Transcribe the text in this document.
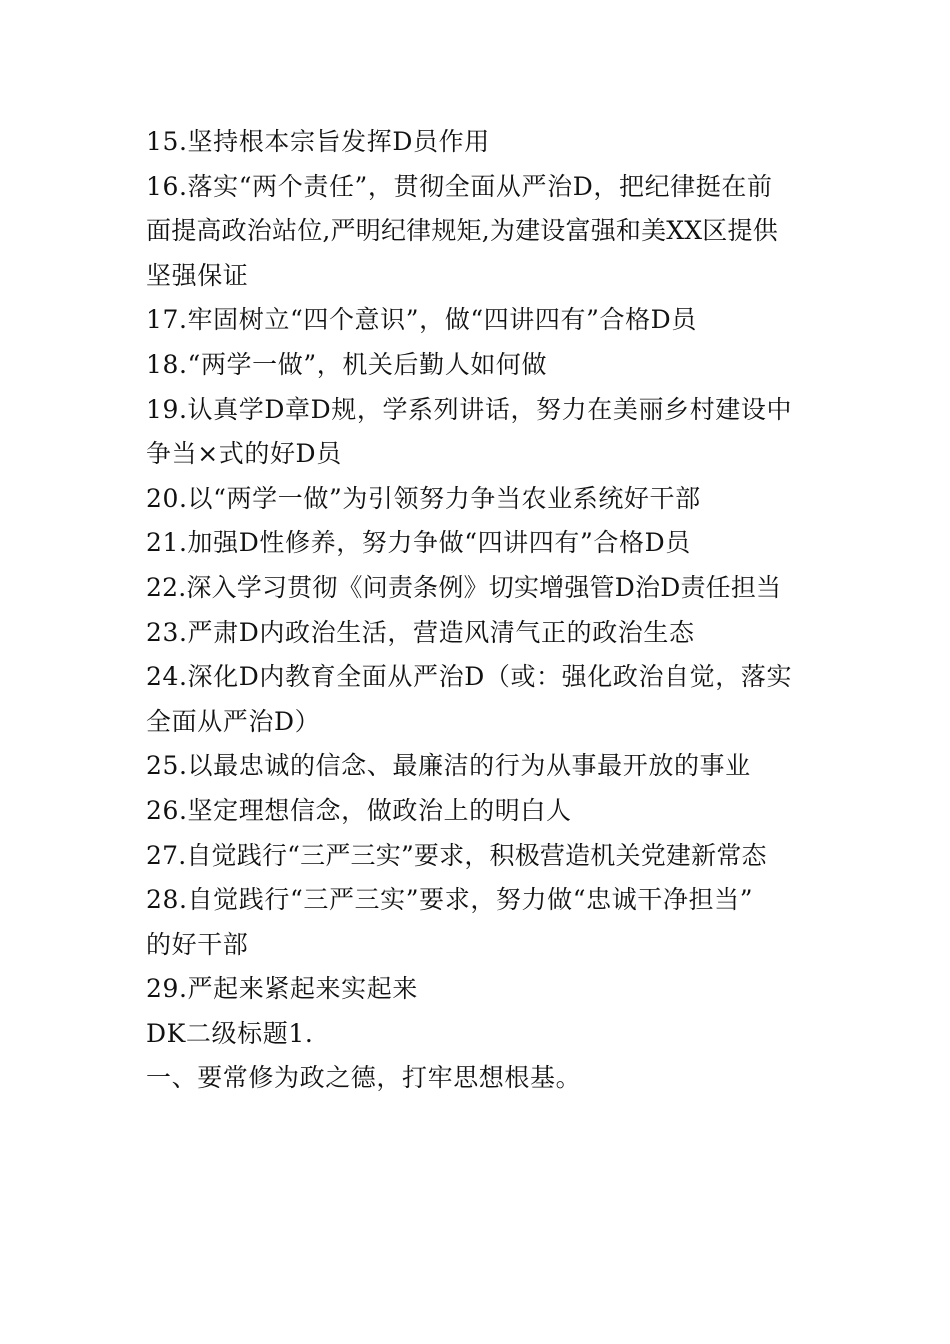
15.坚持根本宗旨发挥D员作用
16.落实“两个责任”，贯彻全面从严治D，把纪律挺在前
面提高政治站位,严明纪律规矩,为建设富强和美XX区提供
坚强保证
17.牢固树立“四个意识”，做“四讲四有”合格D员
18.“两学一做”，机关后勤人如何做
19.认真学D章D规，学系列讲话，努力在美丽乡村建设中
争当×式的好D员
20.以“两学一做”为引领努力争当农业系统好干部
21.加强D性修养，努力争做“四讲四有”合格D员
22.深入学习贯彻《问责条例》切实增强管D治D责任担当
23.严肃D内政治生活，营造风清气正的政治生态
24.深化D内教育全面从严治D（或：强化政治自觉，落实
全面从严治D）
25.以最忠诚的信念、最廉洁的行为从事最开放的事业
26.坚定理想信念，做政治上的明白人
27.自觉践行“三严三实”要求，积极营造机关党建新常态
28.自觉践行“三严三实”要求，努力做“忠诚干净担当”
的好干部
29.严起来紧起来实起来
DK二级标题1.
一、要常修为政之德，打牢思想根基。
